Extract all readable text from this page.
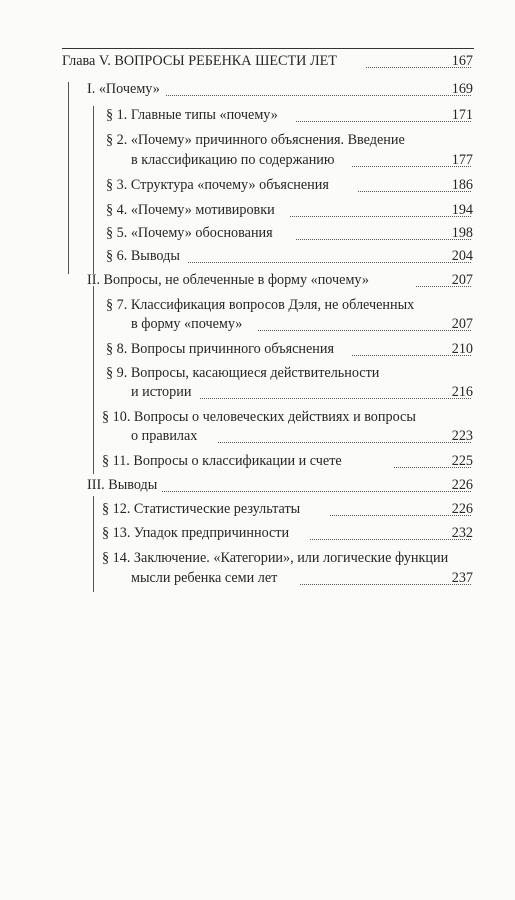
Глава V. ВОПРОСЫ РЕБЕНКА ШЕСТИ ЛЕТ	167
I. «Почему»	169
§ 1. Главные типы «почему»	171
§ 2. «Почему» причинного объяснения. Введение
в классификацию по содержанию	177
§ 3. Структура «почему» объяснения	186
§ 4. «Почему» мотивировки	194
§ 5. «Почему» обоснования	198
§ 6. Выводы	204
II. Вопросы, не облеченные в форму «почему»	207
§ 7. Классификация вопросов Дэля, не облеченных
в форму «почему»	207
§ 8. Вопросы причинного объяснения	210
§ 9. Вопросы, касающиеся действительности
и истории	216
§ 10. Вопросы о человеческих действиях и вопросы
о правилах	223
§ 11. Вопросы о классификации и счете	225
III. Выводы	226
§ 12. Статистические результаты	226
§ 13. Упадок предпричинности	232
§ 14. Заключение. «Категории», или логические функции
мысли ребенка семи лет	237
